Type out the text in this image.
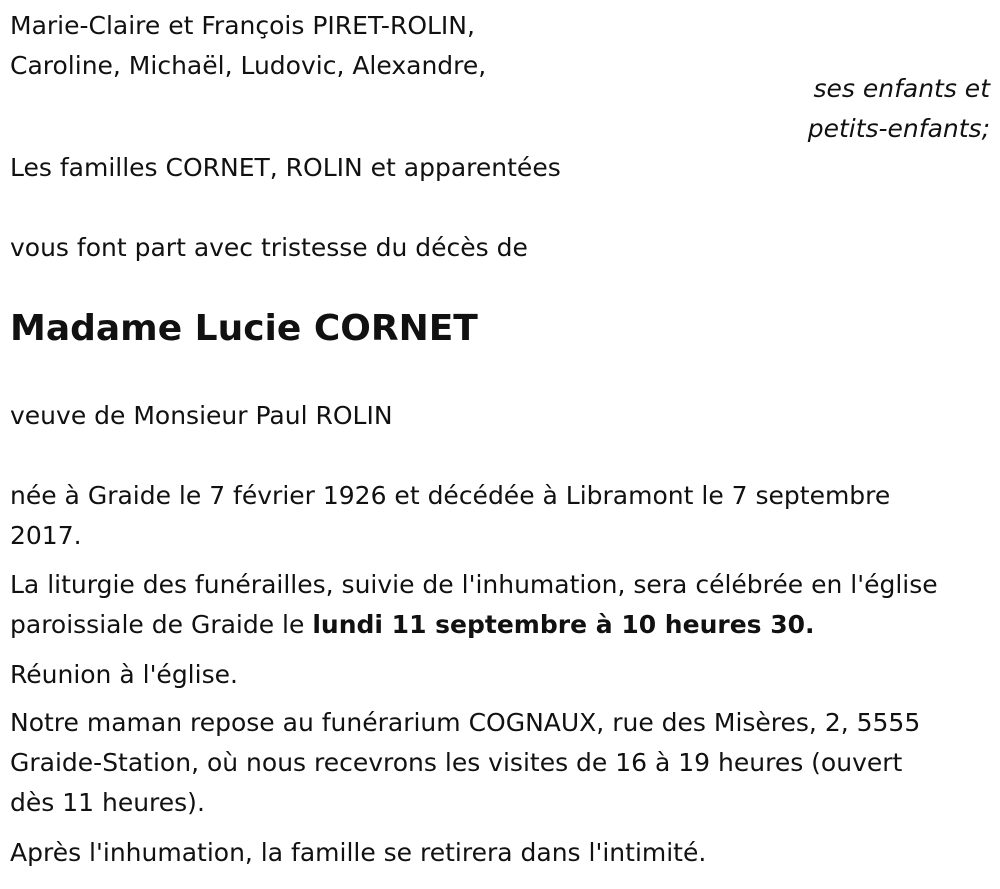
Marie-Claire et François PIRET-ROLIN,

Caroline, Michaël, Ludovic, Alexandre,

ses enfants et

petits-enfants;

Les familles CORNET, ROLIN et apparentées

vous font part avec tristesse du décès de

Madame Lucie CORNET

veuve de Monsieur Paul ROLIN

née à Graide le 7 février 1926 et décédée à Libramont le 7 septembre

2017.

La liturgie des funérailles, suivie de l'inhumation, sera célébrée en l'église

paroissiale de Graide le lundi 11 septembre à 10 heures 30.

Réunion à l'église.

Notre maman repose au funérarium COGNAUX, rue des Misères, 2, 5555

Graide-Station, où nous recevrons les visites de 16 à 19 heures (ouvert

dès 11 heures).

Après l'inhumation, la famille se retirera dans l'intimité.
